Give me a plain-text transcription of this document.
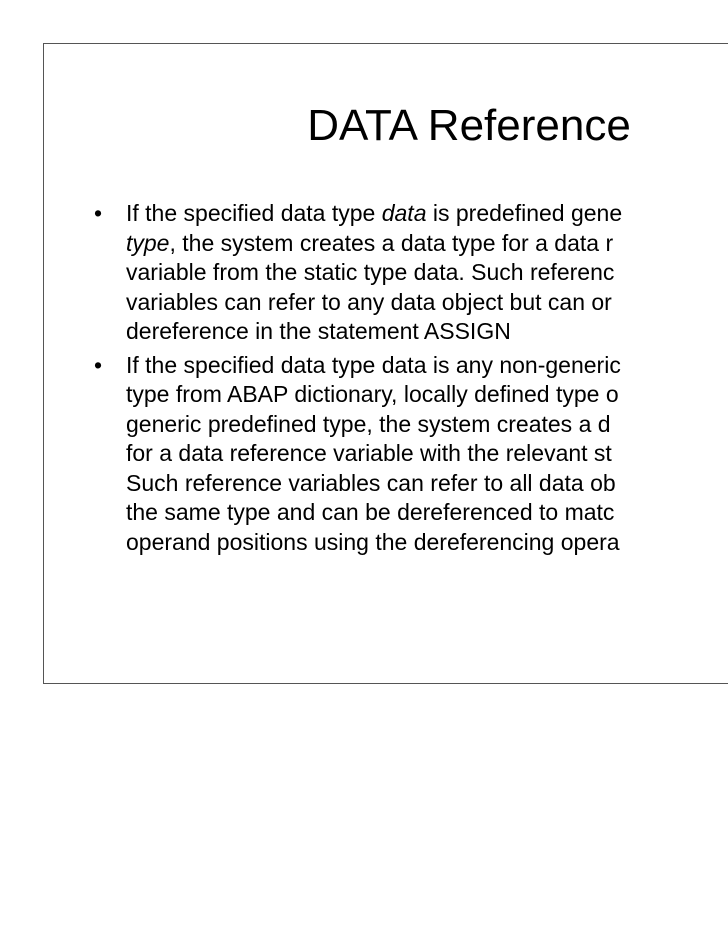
DATA Reference
•	If the specified data type data is predefined gene
type, the system creates a data type for a data r
variable from the static type data. Such referenc
variables can refer to any data object but can or
dereference in the statement ASSIGN
•	If the specified data type data is any non-generic
type from ABAP dictionary, locally defined type o
generic predefined type, the system creates a d
for a data reference variable with the relevant st
Such reference variables can refer to all data ob
the same type and can be dereferenced to matc
operand positions using the dereferencing opera
